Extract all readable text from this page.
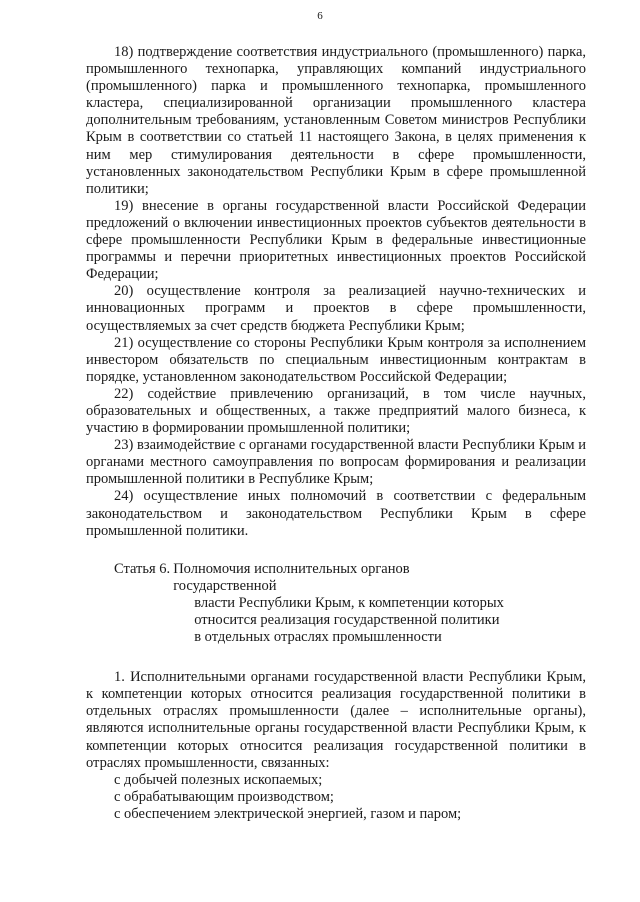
6

18) подтверждение соответствия индустриального (промышленного) парка, промышленного технопарка, управляющих компаний индустриального (промышленного) парка и промышленного технопарка, промышленного кластера, специализированной организации промышленного кластера дополнительным требованиям, установленным Советом министров Республики Крым в соответствии со статьей 11 настоящего Закона, в целях применения к ним мер стимулирования деятельности в сфере промышленности, установленных законодательством Республики Крым в сфере промышленной политики;

19) внесение в органы государственной власти Российской Федерации предложений о включении инвестиционных проектов субъектов деятельности в сфере промышленности Республики Крым в федеральные инвестиционные программы и перечни приоритетных инвестиционных проектов Российской Федерации;

20) осуществление контроля за реализацией научно-технических и инновационных программ и проектов в сфере промышленности, осуществляемых за счет средств бюджета Республики Крым;

21) осуществление со стороны Республики Крым контроля за исполнением инвестором обязательств по специальным инвестиционным контрактам в порядке, установленном законодательством Российской Федерации;

22) содействие привлечению организаций, в том числе научных, образовательных и общественных, а также предприятий малого бизнеса, к участию в формировании промышленной политики;

23) взаимодействие с органами государственной власти Республики Крым и органами местного самоуправления по вопросам формирования и реализации промышленной политики в Республике Крым;

24) осуществление иных полномочий в соответствии с федеральным законодательством и законодательством Республики Крым в сфере промышленной политики.

Статья 6. Полномочия исполнительных органов государственной
власти Республики Крым, к компетенции которых
относится реализация государственной политики
в отдельных отраслях промышленности

1. Исполнительными органами государственной власти Республики Крым, к компетенции которых относится реализация государственной политики в отдельных отраслях промышленности (далее – исполнительные органы), являются исполнительные органы государственной власти Республики Крым, к компетенции которых относится реализация государственной политики в отраслях промышленности, связанных:

с добычей полезных ископаемых;

с обрабатывающим производством;

с обеспечением электрической энергией, газом и паром;
